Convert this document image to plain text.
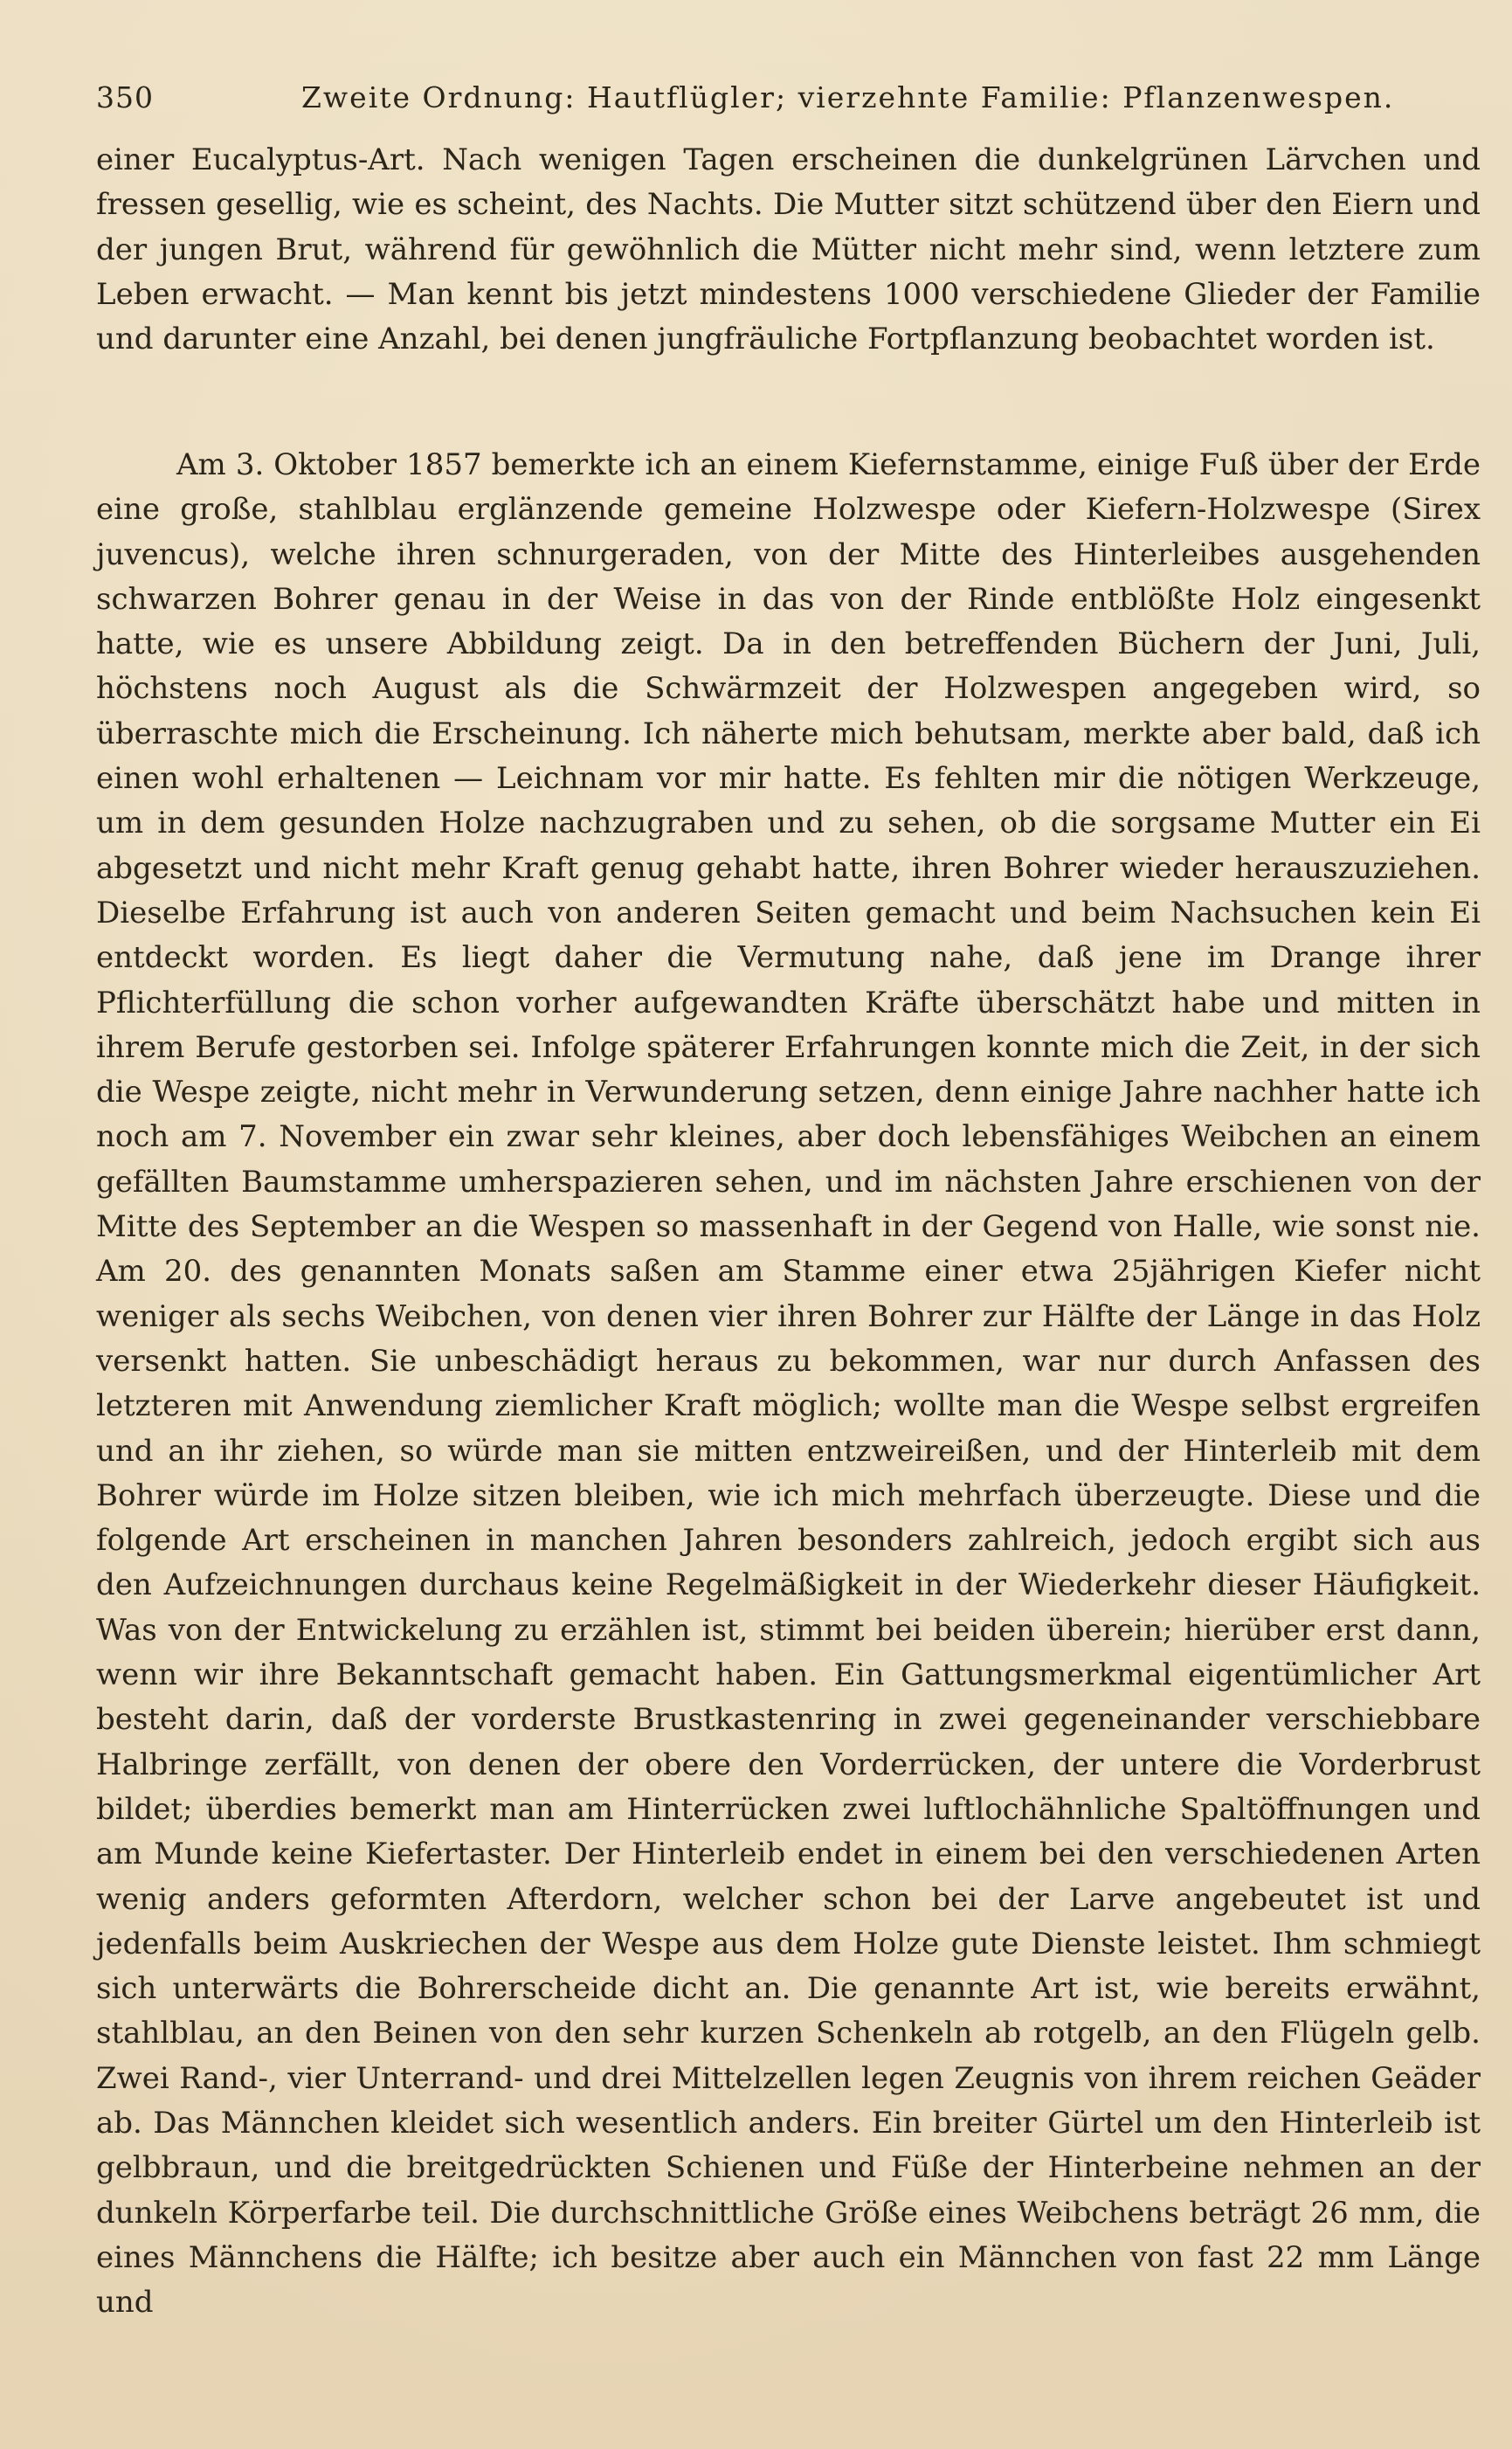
350	Zweite Ordnung: Hautflügler; vierzehnte Familie: Pflanzenwespen.

einer Eucalyptus-Art. Nach wenigen Tagen erscheinen die dunkelgrünen Lärvchen und fressen gesellig, wie es scheint, des Nachts. Die Mutter sitzt schützend über den Eiern und der jungen Brut, während für gewöhnlich die Mütter nicht mehr sind, wenn letztere zum Leben erwacht. — Man kennt bis jetzt mindestens 1000 verschiedene Glieder der Familie und darunter eine Anzahl, bei denen jungfräuliche Fortpflanzung beobachtet worden ist.

Am 3. Oktober 1857 bemerkte ich an einem Kiefernstamme, einige Fuß über der Erde eine große, stahlblau erglänzende gemeine Holzwespe oder Kiefern-Holzwespe (Sirex juvencus), welche ihren schnurgeraden, von der Mitte des Hinterleibes ausgehenden schwarzen Bohrer genau in der Weise in das von der Rinde entblößte Holz eingesenkt hatte, wie es unsere Abbildung zeigt. Da in den betreffenden Büchern der Juni, Juli, höchstens noch August als die Schwärmzeit der Holzwespen angegeben wird, so überraschte mich die Erscheinung. Ich näherte mich behutsam, merkte aber bald, daß ich einen wohl erhaltenen — Leichnam vor mir hatte. Es fehlten mir die nötigen Werkzeuge, um in dem gesunden Holze nachzugraben und zu sehen, ob die sorgsame Mutter ein Ei abgesetzt und nicht mehr Kraft genug gehabt hatte, ihren Bohrer wieder herauszuziehen. Dieselbe Erfahrung ist auch von anderen Seiten gemacht und beim Nachsuchen kein Ei entdeckt worden. Es liegt daher die Vermutung nahe, daß jene im Drange ihrer Pflichterfüllung die schon vorher aufgewandten Kräfte überschätzt habe und mitten in ihrem Berufe gestorben sei. Infolge späterer Erfahrungen konnte mich die Zeit, in der sich die Wespe zeigte, nicht mehr in Verwunderung setzen, denn einige Jahre nachher hatte ich noch am 7. November ein zwar sehr kleines, aber doch lebensfähiges Weibchen an einem gefällten Baumstamme umherspazieren sehen, und im nächsten Jahre erschienen von der Mitte des September an die Wespen so massenhaft in der Gegend von Halle, wie sonst nie. Am 20. des genannten Monats saßen am Stamme einer etwa 25jährigen Kiefer nicht weniger als sechs Weibchen, von denen vier ihren Bohrer zur Hälfte der Länge in das Holz versenkt hatten. Sie unbeschädigt heraus zu bekommen, war nur durch Anfassen des letzteren mit Anwendung ziemlicher Kraft möglich; wollte man die Wespe selbst ergreifen und an ihr ziehen, so würde man sie mitten entzweireißen, und der Hinterleib mit dem Bohrer würde im Holze sitzen bleiben, wie ich mich mehrfach überzeugte. Diese und die folgende Art erscheinen in manchen Jahren besonders zahlreich, jedoch ergibt sich aus den Aufzeichnungen durchaus keine Regelmäßigkeit in der Wiederkehr dieser Häufigkeit. Was von der Entwickelung zu erzählen ist, stimmt bei beiden überein; hierüber erst dann, wenn wir ihre Bekanntschaft gemacht haben. Ein Gattungsmerkmal eigentümlicher Art besteht darin, daß der vorderste Brustkastenring in zwei gegeneinander verschiebbare Halbringe zerfällt, von denen der obere den Vorderrücken, der untere die Vorderbrust bildet; überdies bemerkt man am Hinterrücken zwei luftlochähnliche Spaltöffnungen und am Munde keine Kiefertaster. Der Hinterleib endet in einem bei den verschiedenen Arten wenig anders geformten Afterdorn, welcher schon bei der Larve angebeutet ist und jedenfalls beim Auskriechen der Wespe aus dem Holze gute Dienste leistet. Ihm schmiegt sich unterwärts die Bohrerscheide dicht an. Die genannte Art ist, wie bereits erwähnt, stahlblau, an den Beinen von den sehr kurzen Schenkeln ab rotgelb, an den Flügeln gelb. Zwei Rand-, vier Unterrand- und drei Mittelzellen legen Zeugnis von ihrem reichen Geäder ab. Das Männchen kleidet sich wesentlich anders. Ein breiter Gürtel um den Hinterleib ist gelbbraun, und die breitgedrückten Schienen und Füße der Hinterbeine nehmen an der dunkeln Körperfarbe teil. Die durchschnittliche Größe eines Weibchens beträgt 26 mm, die eines Männchens die Hälfte; ich besitze aber auch ein Männchen von fast 22 mm Länge und
